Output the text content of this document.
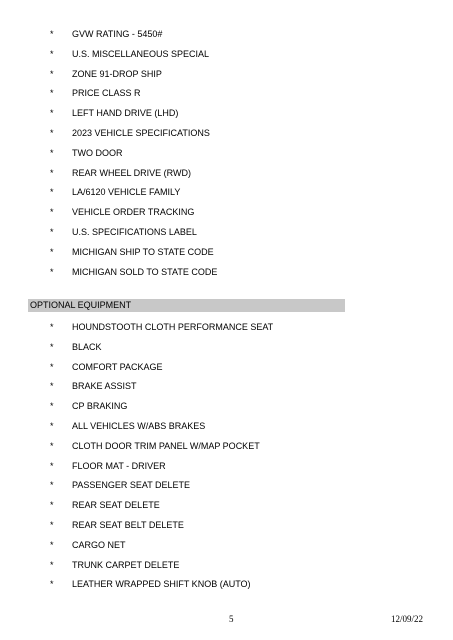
* GVW RATING - 5450#
* U.S. MISCELLANEOUS SPECIAL
* ZONE 91-DROP SHIP
* PRICE CLASS R
* LEFT HAND DRIVE (LHD)
* 2023 VEHICLE SPECIFICATIONS
* TWO DOOR
* REAR WHEEL DRIVE (RWD)
* LA/6120 VEHICLE FAMILY
* VEHICLE ORDER TRACKING
* U.S. SPECIFICATIONS LABEL
* MICHIGAN SHIP TO STATE CODE
* MICHIGAN SOLD TO STATE CODE
OPTIONAL EQUIPMENT
* HOUNDSTOOTH CLOTH PERFORMANCE SEAT
* BLACK
* COMFORT PACKAGE
* BRAKE ASSIST
* CP BRAKING
* ALL VEHICLES W/ABS BRAKES
* CLOTH DOOR TRIM PANEL W/MAP POCKET
* FLOOR MAT - DRIVER
* PASSENGER SEAT DELETE
* REAR SEAT DELETE
* REAR SEAT BELT DELETE
* CARGO NET
* TRUNK CARPET DELETE
* LEATHER WRAPPED SHIFT KNOB (AUTO)
5	12/09/22
